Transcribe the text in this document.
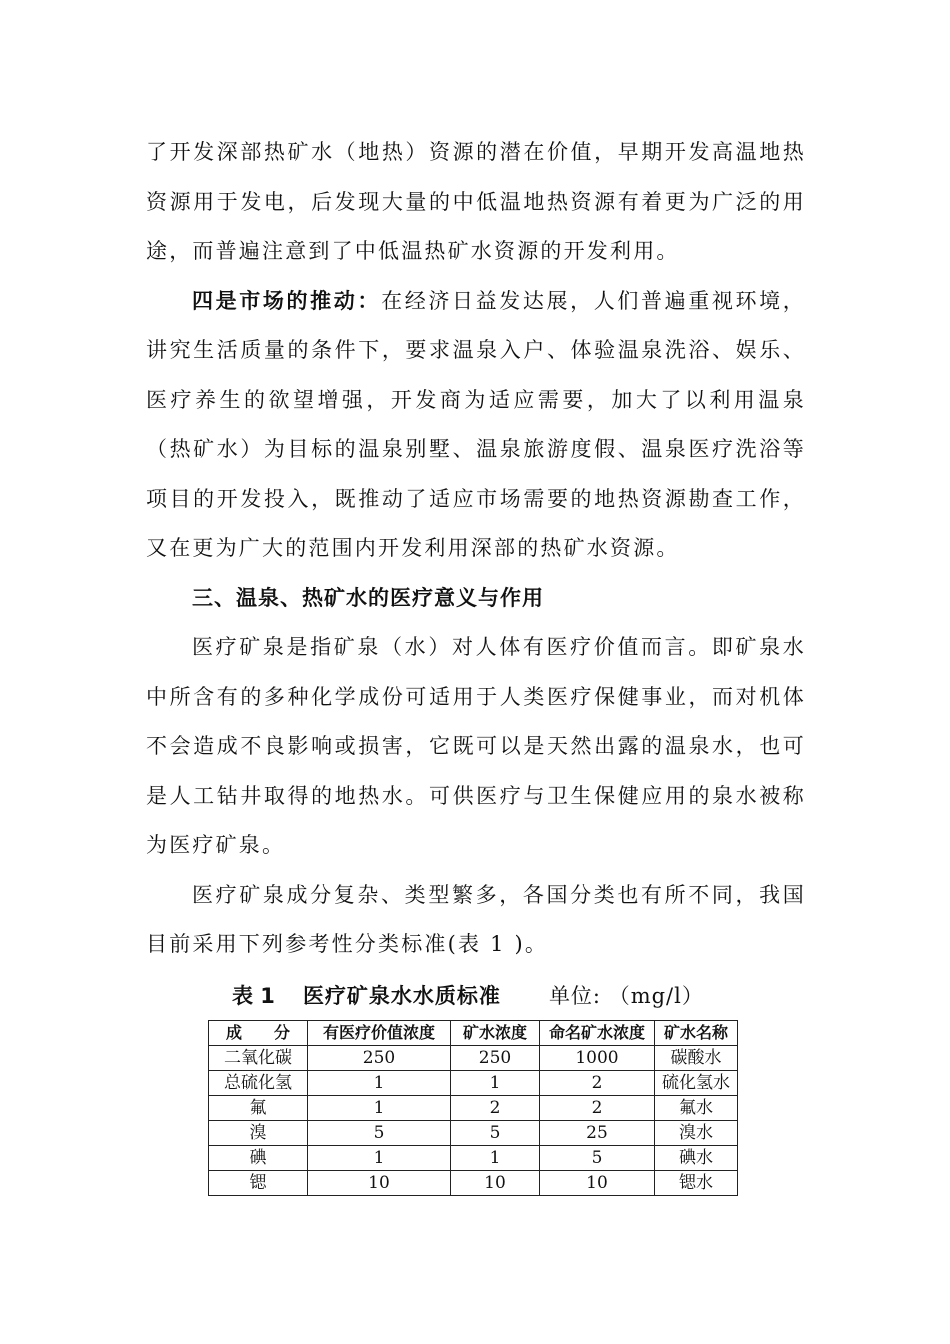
了开发深部热矿水（地热）资源的潜在价值，早期开发高温地热资源用于发电，后发现大量的中低温地热资源有着更为广泛的用途，而普遍注意到了中低温热矿水资源的开发利用。

四是市场的推动：在经济日益发达展，人们普遍重视环境，讲究生活质量的条件下，要求温泉入户、体验温泉洗浴、娱乐、医疗养生的欲望增强，开发商为适应需要，加大了以利用温泉（热矿水）为目标的温泉别墅、温泉旅游度假、温泉医疗洗浴等项目的开发投入，既推动了适应市场需要的地热资源勘查工作，又在更为广大的范围内开发利用深部的热矿水资源。

三、温泉、热矿水的医疗意义与作用

医疗矿泉是指矿泉（水）对人体有医疗价值而言。即矿泉水中所含有的多种化学成份可适用于人类医疗保健事业，而对机体不会造成不良影响或损害，它既可以是天然出露的温泉水，也可是人工钻井取得的地热水。可供医疗与卫生保健应用的泉水被称为医疗矿泉。

医疗矿泉成分复杂、类型繁多，各国分类也有所不同，我国目前采用下列参考性分类标准(表 1 )。

表 1 医疗矿泉水水质标准 单位: （mg/l）

成　　分	有医疗价值浓度	矿水浓度	命名矿水浓度	矿水名称
二氧化碳	250	250	1000	碳酸水
总硫化氢	1	1	2	硫化氢水
氟	1	2	2	氟水
溴	5	5	25	溴水
碘	1	1	5	碘水
锶	10	10	10	锶水
